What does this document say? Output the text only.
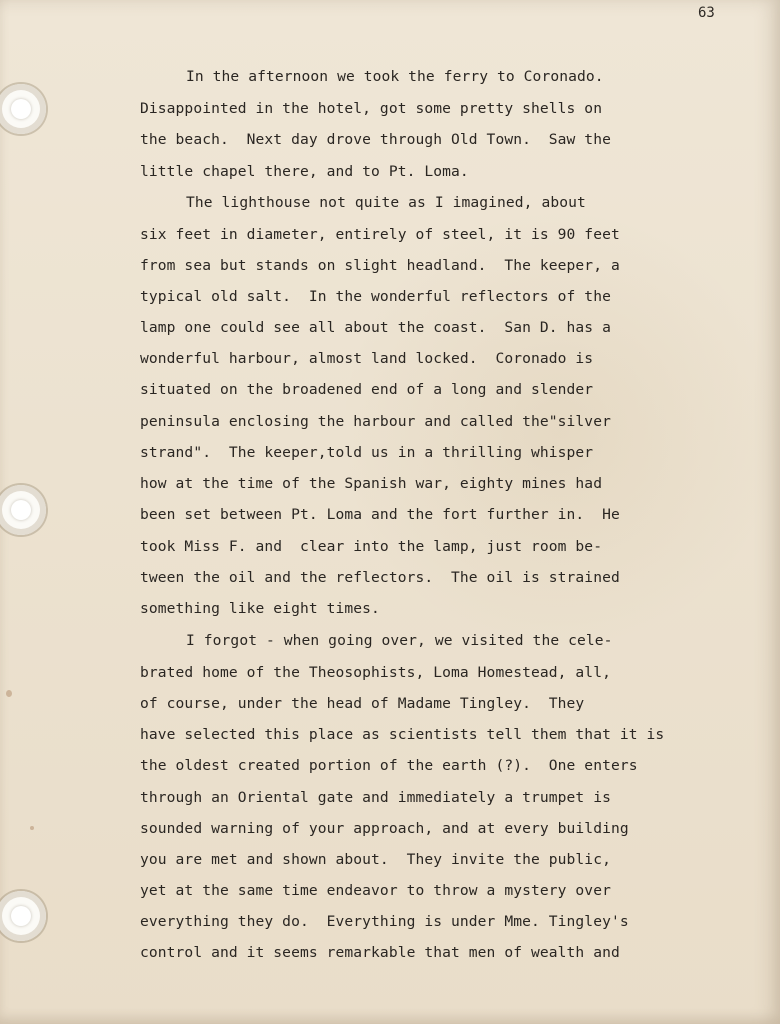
63
In the afternoon we took the ferry to Coronado.
Disappointed in the hotel, got some pretty shells on
the beach.  Next day drove through Old Town.  Saw the
little chapel there, and to Pt. Loma.
The lighthouse not quite as I imagined, about
six feet in diameter, entirely of steel, it is 90 feet
from sea but stands on slight headland.  The keeper, a
typical old salt.  In the wonderful reflectors of the
lamp one could see all about the coast.  San D. has a
wonderful harbour, almost land locked.  Coronado is
situated on the broadened end of a long and slender
peninsula enclosing the harbour and called the"silver
strand".  The keeper,told us in a thrilling whisper
how at the time of the Spanish war, eighty mines had
been set between Pt. Loma and the fort further in.  He
took Miss F. and  clear into the lamp, just room be-
tween the oil and the reflectors.  The oil is strained
something like eight times.
I forgot - when going over, we visited the cele-
brated home of the Theosophists, Loma Homestead, all,
of course, under the head of Madame Tingley.  They
have selected this place as scientists tell them that it is
the oldest created portion of the earth (?).  One enters
through an Oriental gate and immediately a trumpet is
sounded warning of your approach, and at every building
you are met and shown about.  They invite the public,
yet at the same time endeavor to throw a mystery over
everything they do.  Everything is under Mme. Tingley's
control and it seems remarkable that men of wealth and
